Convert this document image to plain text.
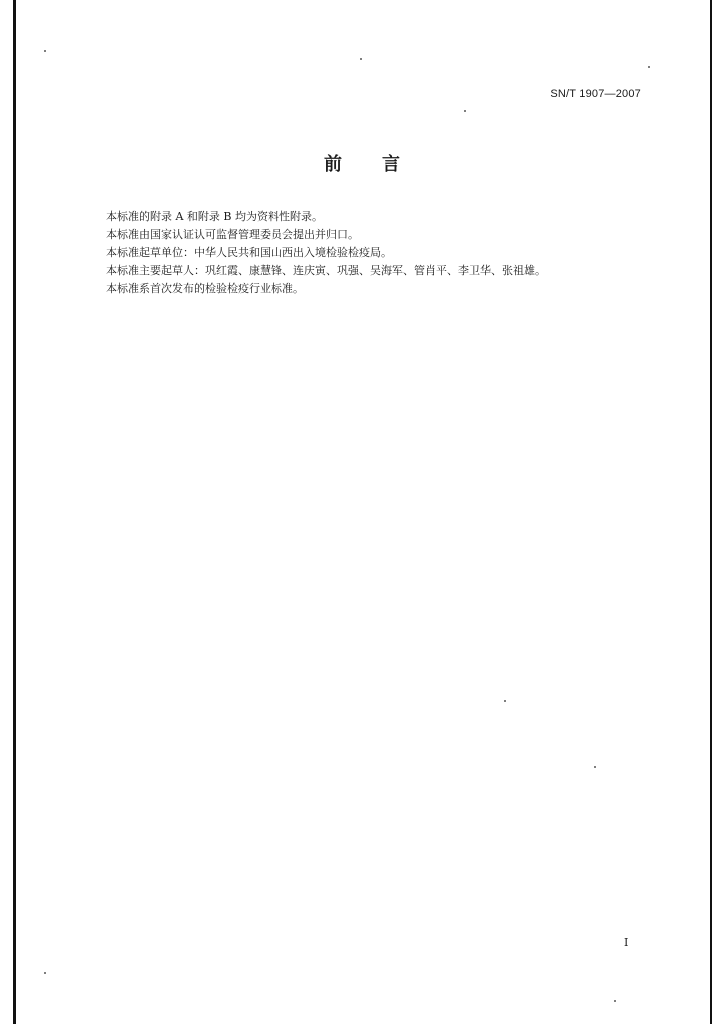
SN/T 1907—2007
前言

本标准的附录 A 和附录 B 均为资料性附录。

本标准由国家认证认可监督管理委员会提出并归口。

本标准起草单位：中华人民共和国山西出入境检验检疫局。

本标准主要起草人：巩红霞、康慧锋、连庆寅、巩强、吴海军、管肖平、李卫华、张祖雄。

本标准系首次发布的检验检疫行业标准。

I
